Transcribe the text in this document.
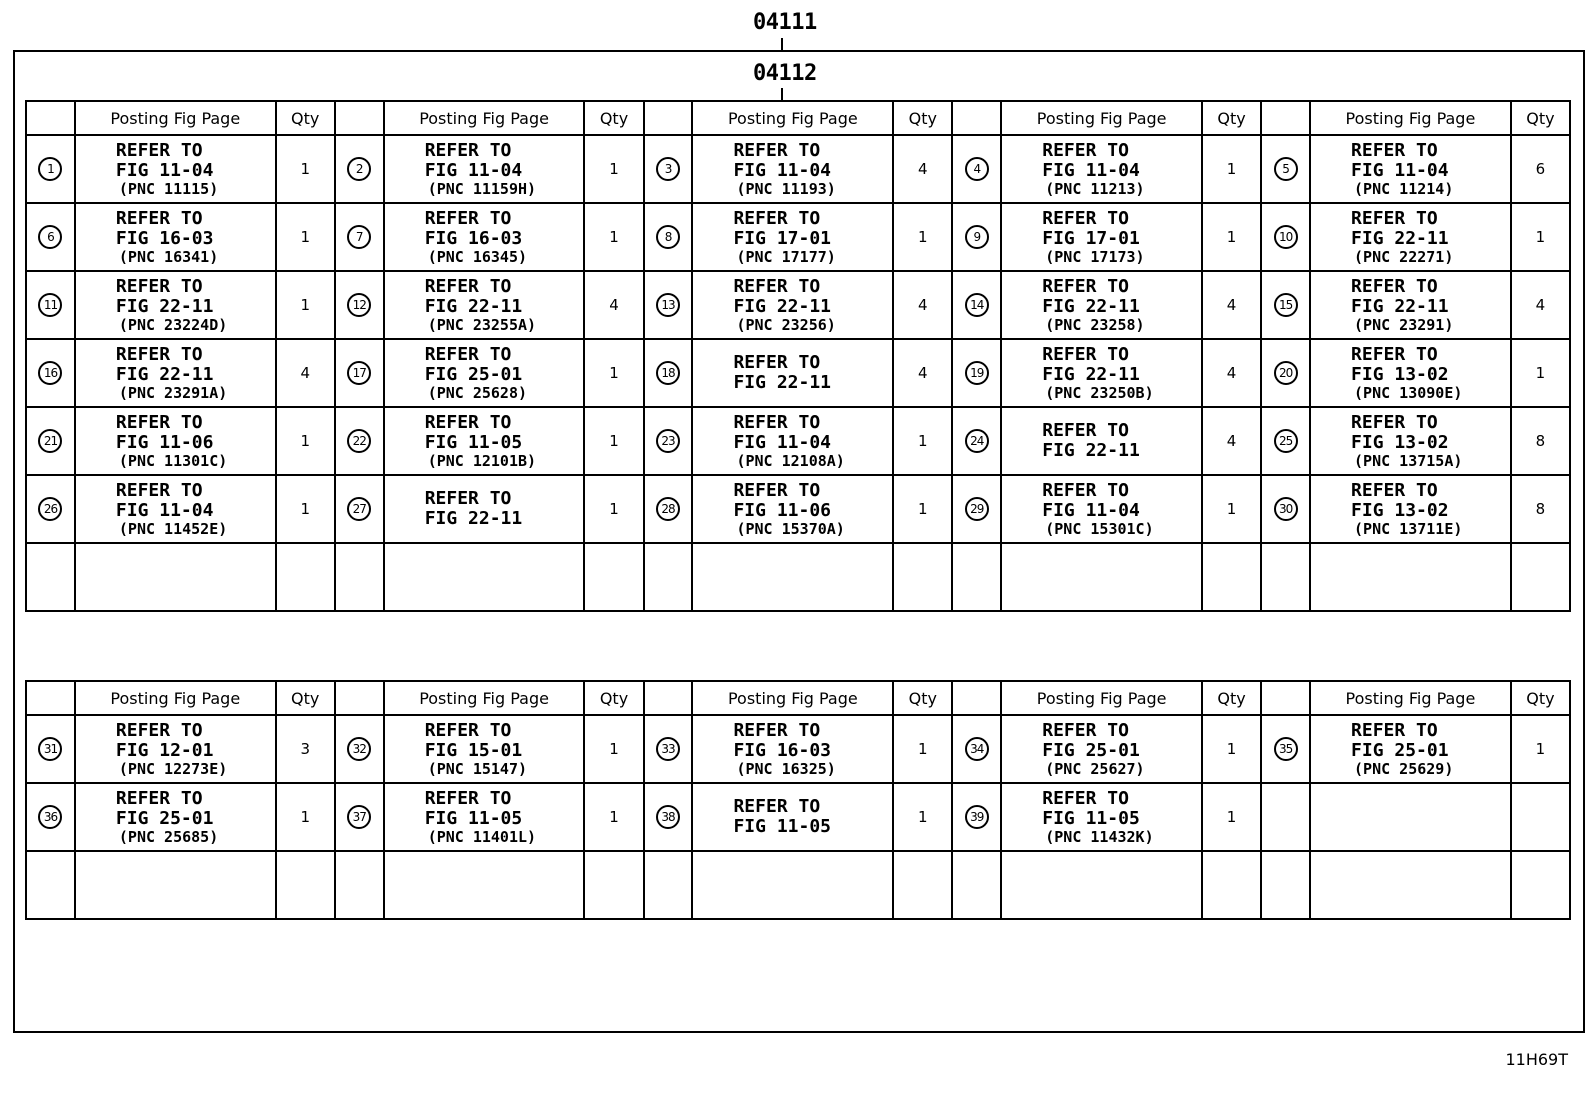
04111
04112
	Posting Fig Page	Qty		Posting Fig Page	Qty		Posting Fig Page	Qty		Posting Fig Page	Qty		Posting Fig Page	Qty
1	REFER TO
FIG 11-04
(PNC 11115)	1	2	REFER TO
FIG 11-04
(PNC 11159H)	1	3	REFER TO
FIG 11-04
(PNC 11193)	4	4	REFER TO
FIG 11-04
(PNC 11213)	1	5	REFER TO
FIG 11-04
(PNC 11214)	6
6	REFER TO
FIG 16-03
(PNC 16341)	1	7	REFER TO
FIG 16-03
(PNC 16345)	1	8	REFER TO
FIG 17-01
(PNC 17177)	1	9	REFER TO
FIG 17-01
(PNC 17173)	1	10	REFER TO
FIG 22-11
(PNC 22271)	1
11	REFER TO
FIG 22-11
(PNC 23224D)	1	12	REFER TO
FIG 22-11
(PNC 23255A)	4	13	REFER TO
FIG 22-11
(PNC 23256)	4	14	REFER TO
FIG 22-11
(PNC 23258)	4	15	REFER TO
FIG 22-11
(PNC 23291)	4
16	REFER TO
FIG 22-11
(PNC 23291A)	4	17	REFER TO
FIG 25-01
(PNC 25628)	1	18	REFER TO
FIG 22-11	4	19	REFER TO
FIG 22-11
(PNC 23250B)	4	20	REFER TO
FIG 13-02
(PNC 13090E)	1
21	REFER TO
FIG 11-06
(PNC 11301C)	1	22	REFER TO
FIG 11-05
(PNC 12101B)	1	23	REFER TO
FIG 11-04
(PNC 12108A)	1	24	REFER TO
FIG 22-11	4	25	REFER TO
FIG 13-02
(PNC 13715A)	8
26	REFER TO
FIG 11-04
(PNC 11452E)	1	27	REFER TO
FIG 22-11	1	28	REFER TO
FIG 11-06
(PNC 15370A)	1	29	REFER TO
FIG 11-04
(PNC 15301C)	1	30	REFER TO
FIG 13-02
(PNC 13711E)	8

	Posting Fig Page	Qty		Posting Fig Page	Qty		Posting Fig Page	Qty		Posting Fig Page	Qty		Posting Fig Page	Qty
31	REFER TO
FIG 12-01
(PNC 12273E)	3	32	REFER TO
FIG 15-01
(PNC 15147)	1	33	REFER TO
FIG 16-03
(PNC 16325)	1	34	REFER TO
FIG 25-01
(PNC 25627)	1	35	REFER TO
FIG 25-01
(PNC 25629)	1
36	REFER TO
FIG 25-01
(PNC 25685)	1	37	REFER TO
FIG 11-05
(PNC 11401L)	1	38	REFER TO
FIG 11-05	1	39	REFER TO
FIG 11-05
(PNC 11432K)	1		

11H69T
